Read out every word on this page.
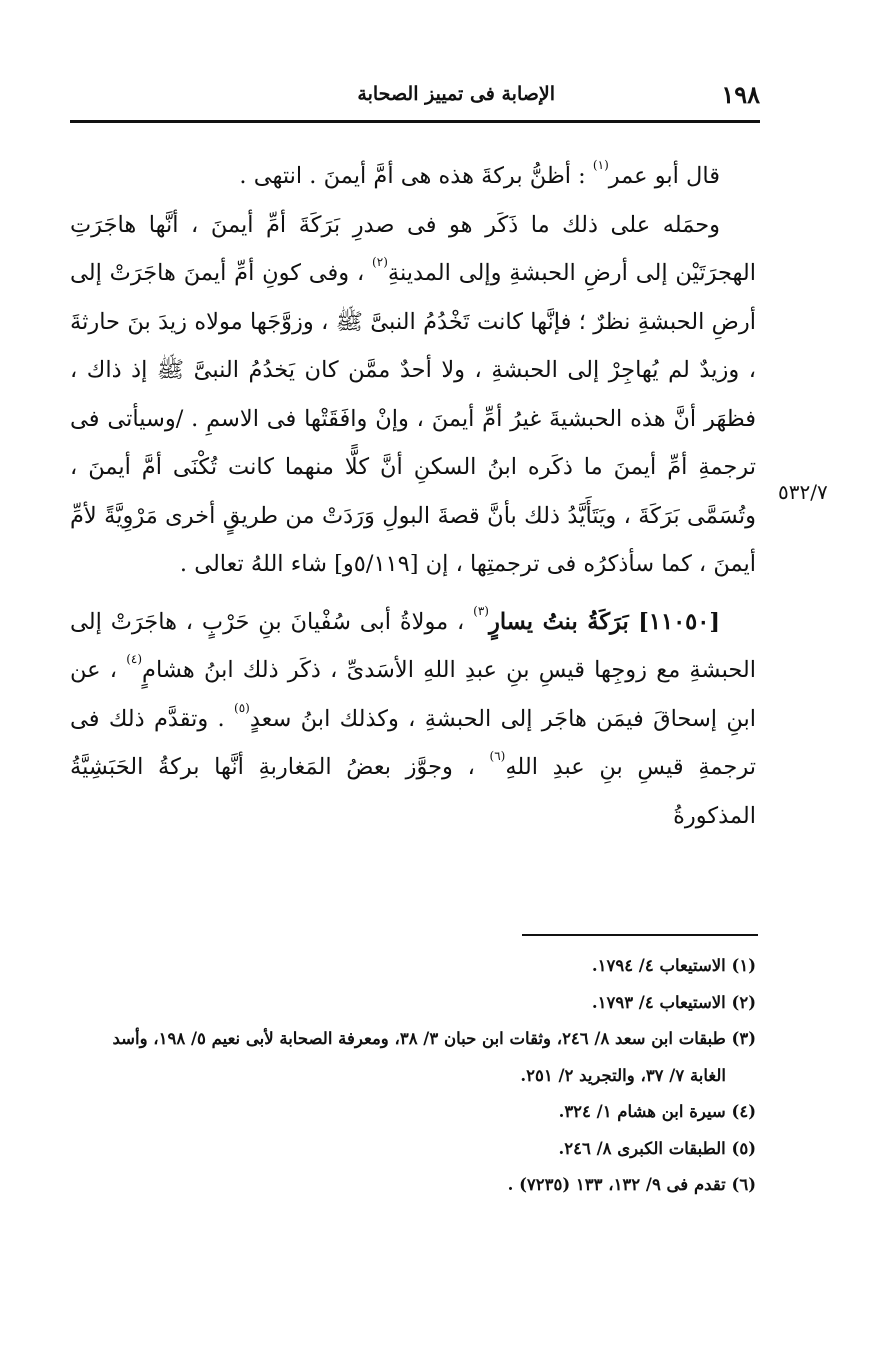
١٩٨
الإصابة فى تمييز الصحابة
٥٣٢/٧

قال أبو عمر$^{(١)}$ : أظنُّ بركةَ هذه هى أمَّ أيمنَ . انتهى .

وحمَله على ذلك ما ذَكَر هو فى صدرِ بَرَكَةَ أمِّ أيمنَ ، أنَّها هاجَرَتِ الهجرَتَيْن إلى أرضِ الحبشةِ وإلى المدينةِ$^{(٢)}$ ، وفى كونِ أمِّ أيمنَ هاجَرَتْ إلى أرضِ الحبشةِ نظرٌ ؛ فإنَّها كانت تَخْدُمُ النبىَّ ﷺ ، وزوَّجَها مولاه زيدَ بنَ حارثةَ ، وزيدٌ لم يُهاجِرْ إلى الحبشةِ ، ولا أحدٌ ممَّن كان يَخدُمُ النبىَّ ﷺ إذ ذاك ، فظهَر أنَّ هذه الحبشيةَ غيرُ أمِّ أيمنَ ، وإنْ وافَقَتْها فى الاسمِ . /وسيأتى فى ترجمةِ أمِّ أيمنَ ما ذكَره ابنُ السكنِ أنَّ كلًّا منهما كانت تُكْنَى أمَّ أيمنَ ، وتُسَمَّى بَرَكَةَ ، ويَتَأَيَّدُ ذلك بأنَّ قصةَ البولِ وَرَدَتْ من طريقٍ أخرى مَرْوِيَّةً لأمِّ أيمنَ ، كما سأذكرُه فى ترجمتِها ، إن [٥/١١٩و] شاء اللهُ تعالى .

[١١٠٥٠] بَرَكَةُ بنتُ يسارٍ$^{(٣)}$ ، مولاةُ أبى سُفْيانَ بنِ حَرْبٍ ، هاجَرَتْ إلى الحبشةِ مع زوجِها قيسِ بنِ عبدِ اللهِ الأسَدىِّ ، ذكَر ذلك ابنُ هشامٍ$^{(٤)}$ ، عن ابنِ إسحاقَ فيمَن هاجَر إلى الحبشةِ ، وكذلك ابنُ سعدٍ$^{(٥)}$ . وتقدَّم ذلك فى ترجمةِ قيسِ بنِ عبدِ اللهِ$^{(٦)}$ ، وجوَّز بعضُ المَغاربةِ أنَّها بركةُ الحَبَشِيَّةُ المذكورةُ

(١) الاستيعاب ٤/ ١٧٩٤.

(٢) الاستيعاب ٤/ ١٧٩٣.

(٣) طبقات ابن سعد ٨/ ٢٤٦، وثقات ابن حبان ٣/ ٣٨، ومعرفة الصحابة لأبى نعيم ٥/ ١٩٨، وأسد

الغابة ٧/ ٣٧، والتجريد ٢/ ٢٥١.

(٤) سيرة ابن هشام ١/ ٣٢٤.

(٥) الطبقات الكبرى ٨/ ٢٤٦.

(٦) تقدم فى ٩/ ١٣٢، ١٣٣ (٧٢٣٥) .
